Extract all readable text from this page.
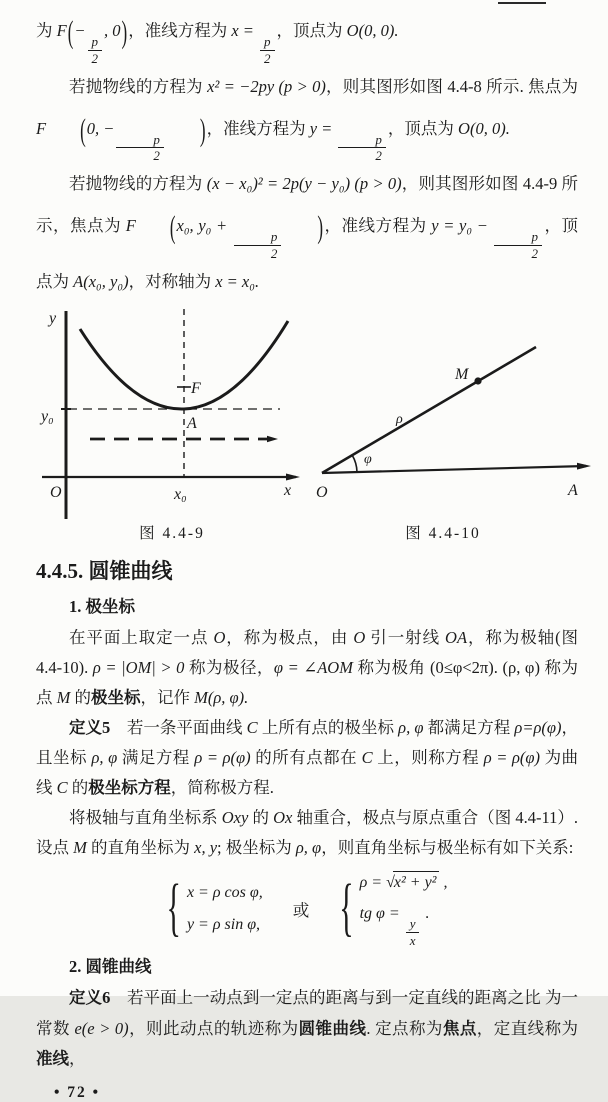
为 F(−
$\frac{p}{2}$
, 0)，准线方程为 x =
$\frac{p}{2}$
，顶点为 O(0, 0).

若抛物线的方程为 x² = −2py (p > 0)，则其图形如图 4.4-8 所示. 焦点为 F (0, −
$\frac{p}{2}$
)，准线方程为 y =
$\frac{p}{2}$
，顶点为 O(0, 0).

若抛物线的方程为 (x − x₀)² = 2p(y − y₀) (p > 0)，则其图形如图 4.4-9 所示，焦点为 F (x₀, y₀ +
$\frac{p}{2}$
)，准线方程为 y = y₀ −
$\frac{p}{2}$
，顶点为 A(x₀, y₀)，对称轴为 x = x₀.

y
x
O	x₀
y₀
F
A
O	A
M
ρ
φ
图 4.4-9	图 4.4-10
4.4.5. 圆锥曲线
1. 极坐标

在平面上取定一点 O，称为极点，由 O 引一射线 OA，称为极轴(图 4.4-10). ρ = |OM| > 0 称为极径，φ = ∠AOM 称为极角 (0≤φ<2π). (ρ, φ) 称为点 M 的极坐标，记作 M(ρ, φ).

定义5　若一条平面曲线 C 上所有点的极坐标 ρ, φ 都满足方程 ρ=ρ(φ)，且坐标 ρ, φ 满足方程 ρ = ρ(φ) 的所有点都在 C 上，则称方程 ρ = ρ(φ) 为曲线 C 的极坐标方程，简称极方程.

将极轴与直角坐标系 Oxy 的 Ox 轴重合，极点与原点重合（图 4.4-11）. 设点 M 的直角坐标为 x, y; 极坐标为 ρ, φ，则直角坐标与极坐标有如下关系:

{ x = ρ cos φ,
y = ρ sin φ,
或 { ρ = √x² + y² ,
tg φ =
$\frac{y}{x}$
.
2. 圆锥曲线

定义6　若平面上一动点到一定点的距离与到一定直线的距离之比 为一常数 e(e > 0)，则此动点的轨迹称为圆锥曲线. 定点称为焦点，定直线称为准线，

• 72 •
